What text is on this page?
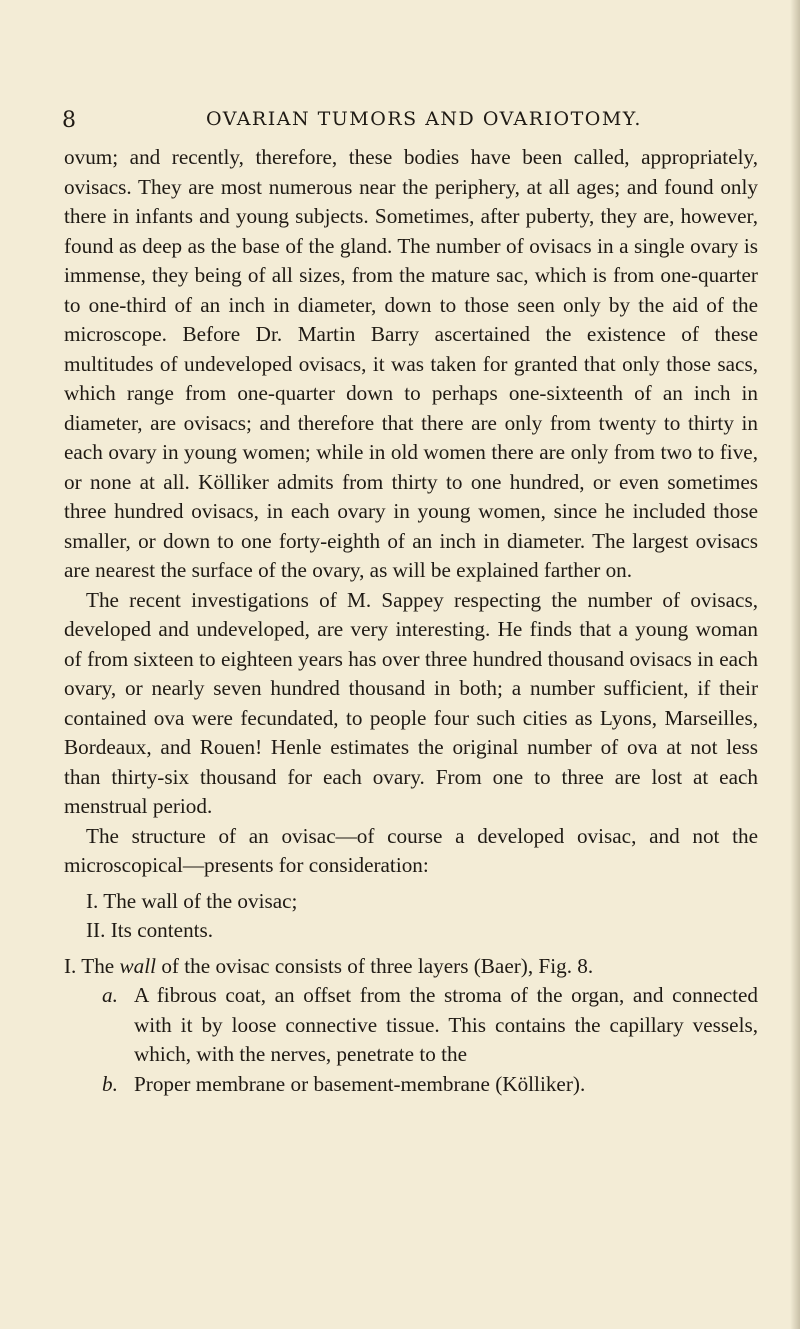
8	OVARIAN TUMORS AND OVARIOTOMY.

ovum; and recently, therefore, these bodies have been called, appropriately, ovisacs. They are most numerous near the periphery, at all ages; and found only there in infants and young subjects. Sometimes, after puberty, they are, however, found as deep as the base of the gland. The number of ovisacs in a single ovary is immense, they being of all sizes, from the mature sac, which is from one-quarter to one-third of an inch in diameter, down to those seen only by the aid of the microscope. Before Dr. Martin Barry ascertained the existence of these multitudes of undeveloped ovisacs, it was taken for granted that only those sacs, which range from one-quarter down to perhaps one-sixteenth of an inch in diameter, are ovisacs; and therefore that there are only from twenty to thirty in each ovary in young women; while in old women there are only from two to five, or none at all. Kölliker admits from thirty to one hundred, or even sometimes three hundred ovisacs, in each ovary in young women, since he included those smaller, or down to one forty-eighth of an inch in diameter. The largest ovisacs are nearest the surface of the ovary, as will be explained farther on.

The recent investigations of M. Sappey respecting the number of ovisacs, developed and undeveloped, are very interesting. He finds that a young woman of from sixteen to eighteen years has over three hundred thousand ovisacs in each ovary, or nearly seven hundred thousand in both; a number sufficient, if their contained ova were fecundated, to people four such cities as Lyons, Marseilles, Bordeaux, and Rouen! Henle estimates the original number of ova at not less than thirty-six thousand for each ovary. From one to three are lost at each menstrual period.

The structure of an ovisac—of course a developed ovisac, and not the microscopical—presents for consideration:

I. The wall of the ovisac;
II. Its contents.

I. The wall of the ovisac consists of three layers (Baer), Fig. 8.

a. A fibrous coat, an offset from the stroma of the organ, and connected with it by loose connective tissue. This contains the capillary vessels, which, with the nerves, penetrate to the

b. Proper membrane or basement-membrane (Kölliker).
